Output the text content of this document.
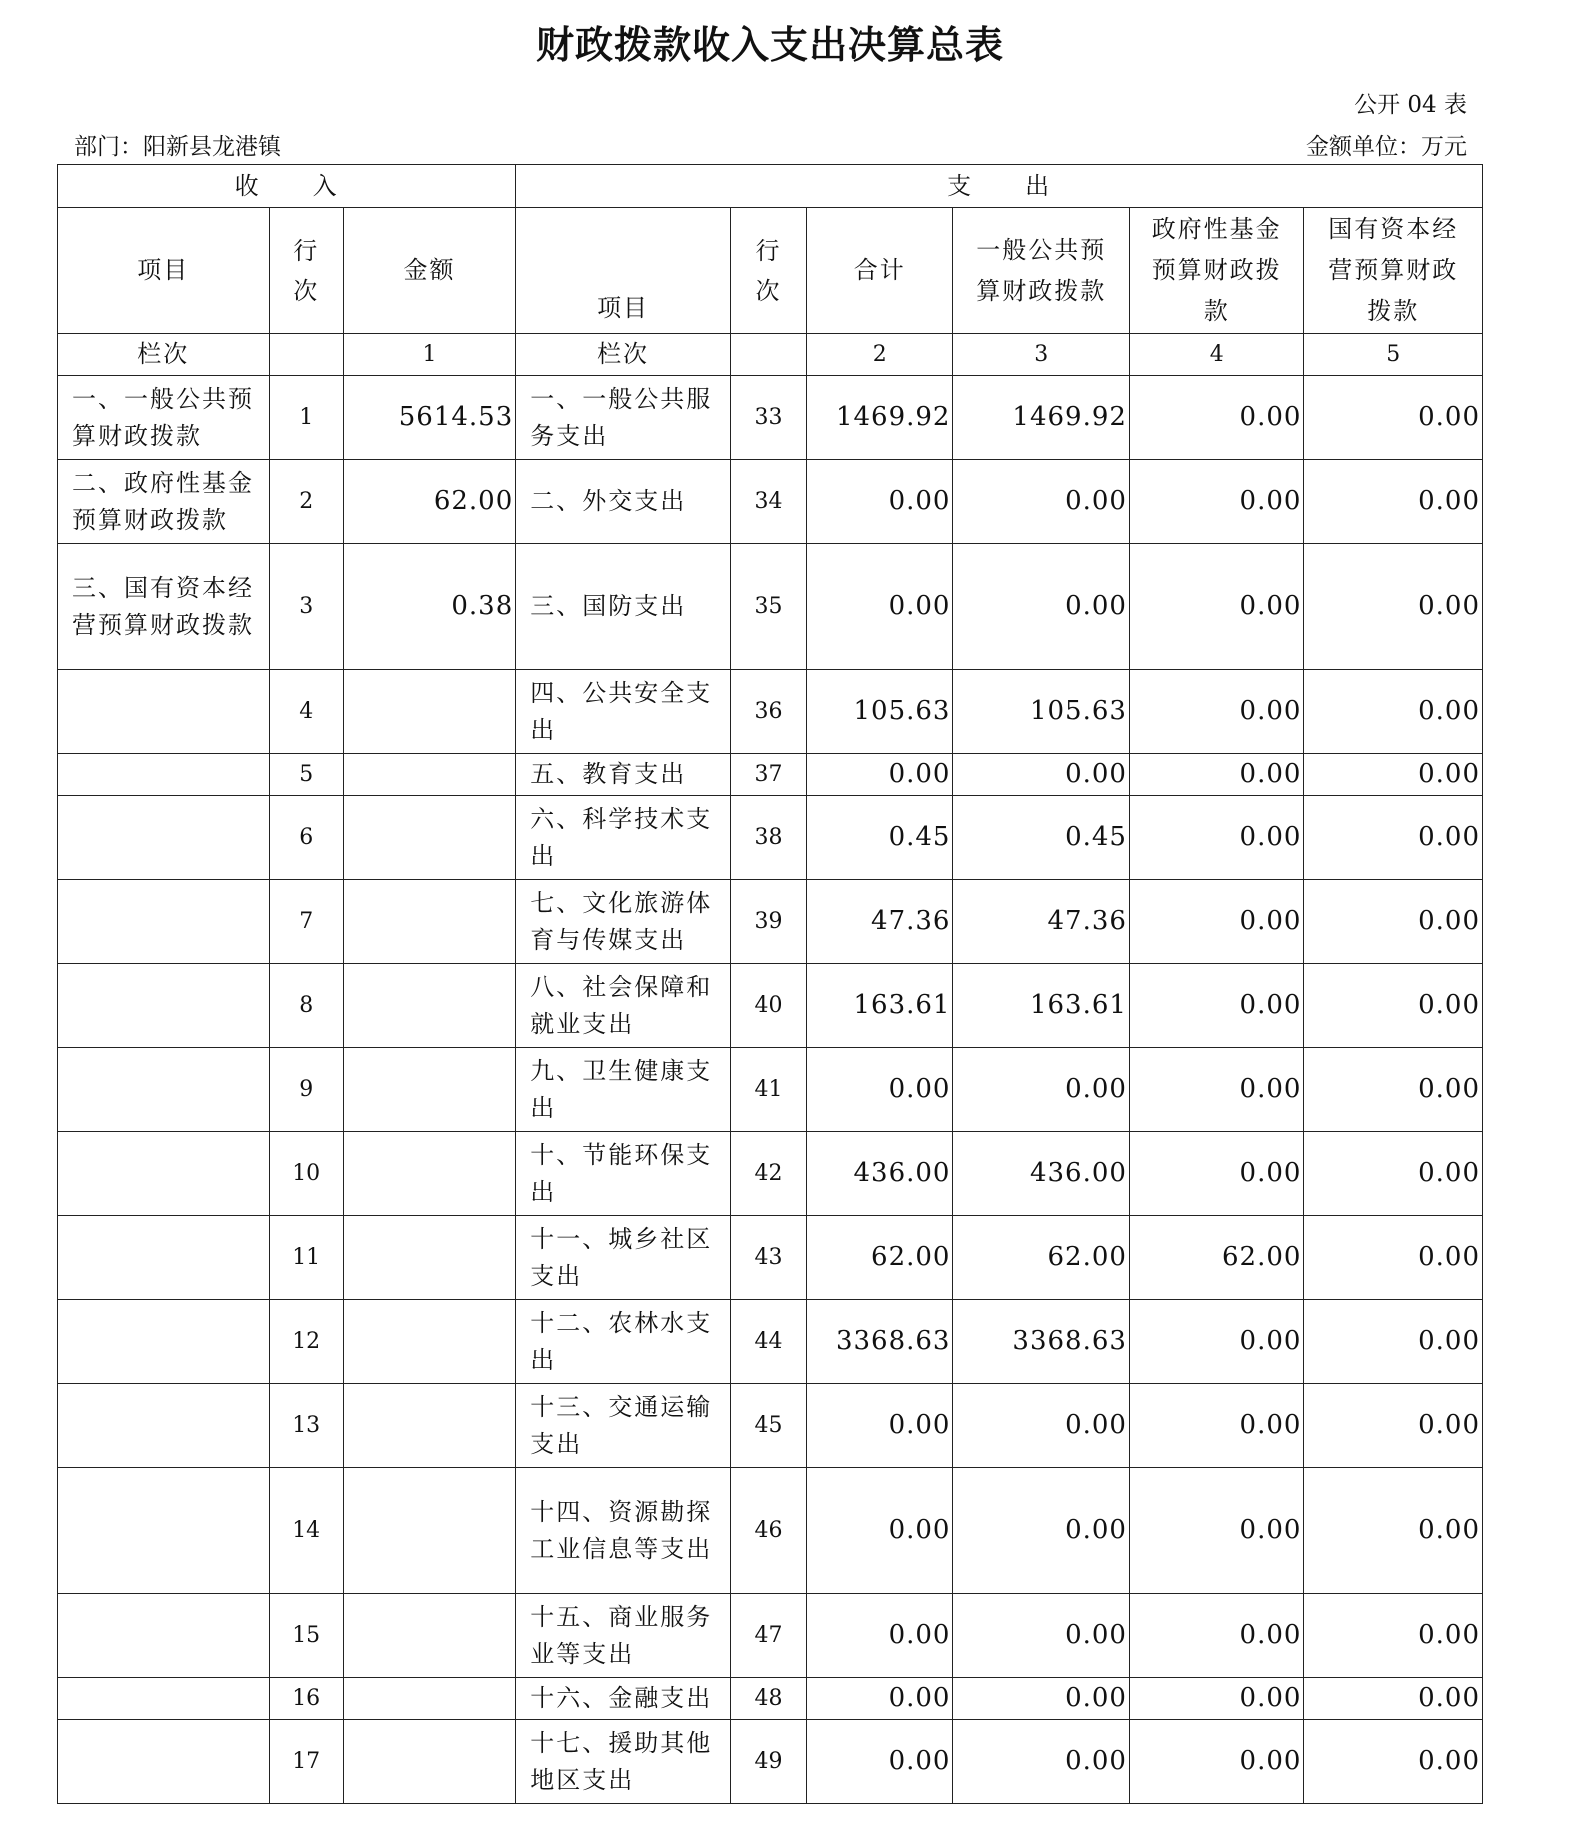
财政拨款收入支出决算总表
公开 04 表
部门：阳新县龙港镇	金额单位：万元
收　　入			支　　出					
项目	行次	金额	项目	行次	合计	一般公共预算财政拨款	政府性基金预算财政拨款	国有资本经营预算财政拨款
栏次		1	栏次		2	3	4	5
一、一般公共预算财政拨款	1	5614.53	一、一般公共服务支出	33	1469.92	1469.92	0.00	0.00
二、政府性基金预算财政拨款	2	62.00	二、外交支出	34	0.00	0.00	0.00	0.00
三、国有资本经营预算财政拨款	3	0.38	三、国防支出	35	0.00	0.00	0.00	0.00
	4		四、公共安全支出	36	105.63	105.63	0.00	0.00
	5		五、教育支出	37	0.00	0.00	0.00	0.00
	6		六、科学技术支出	38	0.45	0.45	0.00	0.00
	7		七、文化旅游体育与传媒支出	39	47.36	47.36	0.00	0.00
	8		八、社会保障和就业支出	40	163.61	163.61	0.00	0.00
	9		九、卫生健康支出	41	0.00	0.00	0.00	0.00
	10		十、节能环保支出	42	436.00	436.00	0.00	0.00
	11		十一、城乡社区支出	43	62.00	62.00	62.00	0.00
	12		十二、农林水支出	44	3368.63	3368.63	0.00	0.00
	13		十三、交通运输支出	45	0.00	0.00	0.00	0.00
	14		十四、资源勘探工业信息等支出	46	0.00	0.00	0.00	0.00
	15		十五、商业服务业等支出	47	0.00	0.00	0.00	0.00
	16		十六、金融支出	48	0.00	0.00	0.00	0.00
	17		十七、援助其他地区支出	49	0.00	0.00	0.00	0.00
